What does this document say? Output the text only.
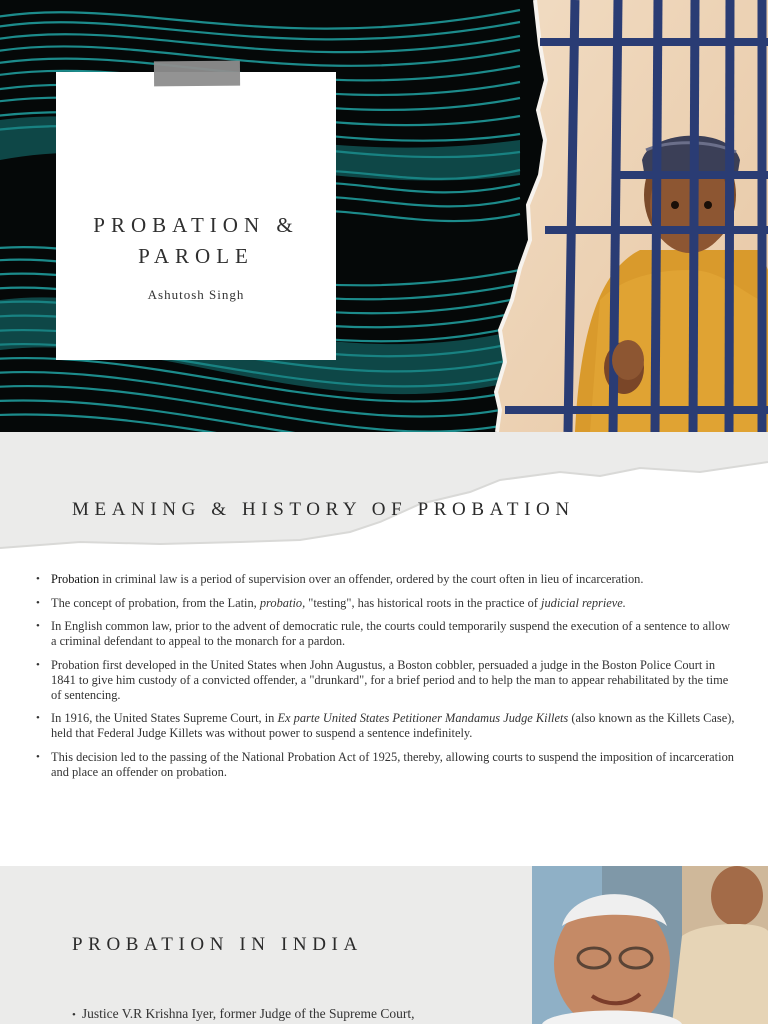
PROBATION &
PAROLE
Ashutosh Singh
MEANING & HISTORY OF PROBATION
• Probation in criminal law is a period of supervision over an offender, ordered by the court often in lieu of incarceration.
• The concept of probation, from the Latin, probatio, "testing", has historical roots in the practice of judicial reprieve.
• In English common law, prior to the advent of democratic rule, the courts could temporarily suspend the execution of a sentence to allow a criminal defendant to appeal to the monarch for a pardon.
• Probation first developed in the United States when John Augustus, a Boston cobbler, persuaded a judge in the Boston Police Court in 1841 to give him custody of a convicted offender, a "drunkard", for a brief period and to help the man to appear rehabilitated by the time of sentencing.
• In 1916, the United States Supreme Court, in Ex parte United States Petitioner Mandamus Judge Killets (also known as the Killets Case), held that Federal Judge Killets was without power to suspend a sentence indefinitely.
• This decision led to the passing of the National Probation Act of 1925, thereby, allowing courts to suspend the imposition of incarceration and place an offender on probation.
PROBATION IN INDIA
• Justice V.R Krishna Iyer, former Judge of the Supreme Court,
